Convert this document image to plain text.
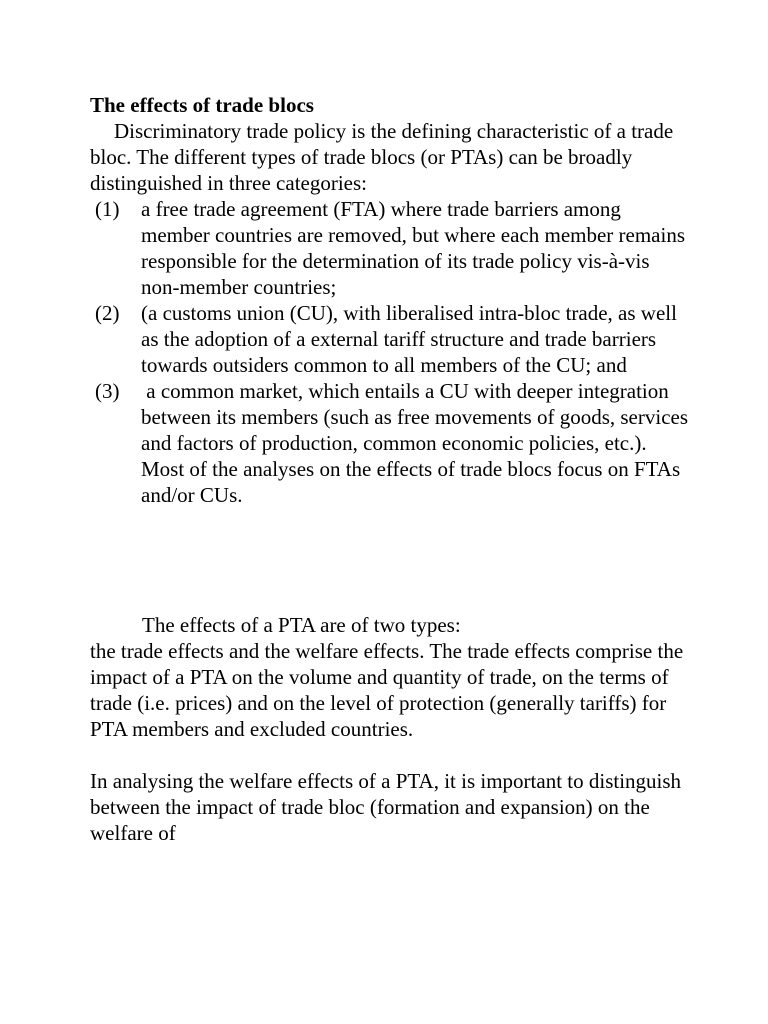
The effects of trade blocs

Discriminatory trade policy is the defining characteristic of a trade bloc. The different types of trade blocs (or PTAs) can be broadly distinguished in three categories:

(1) a free trade agreement (FTA) where trade barriers among member countries are removed, but where each member remains responsible for the determination of its trade policy vis-à-vis non-member countries;
(2) (a customs union (CU), with liberalised intra-bloc trade, as well as the adoption of a external tariff structure and trade barriers towards outsiders common to all members of the CU; and
(3) a common market, which entails a CU with deeper integration between its members (such as free movements of goods, services and factors of production, common economic policies, etc.). Most of the analyses on the effects of trade blocs focus on FTAs and/or CUs.

The effects of a PTA are of two types:
the trade effects and the welfare effects. The trade effects comprise the impact of a PTA on the volume and quantity of trade, on the terms of trade (i.e. prices) and on the level of protection (generally tariffs) for PTA members and excluded countries.

In analysing the welfare effects of a PTA, it is important to distinguish between the impact of trade bloc (formation and expansion) on the welfare of
